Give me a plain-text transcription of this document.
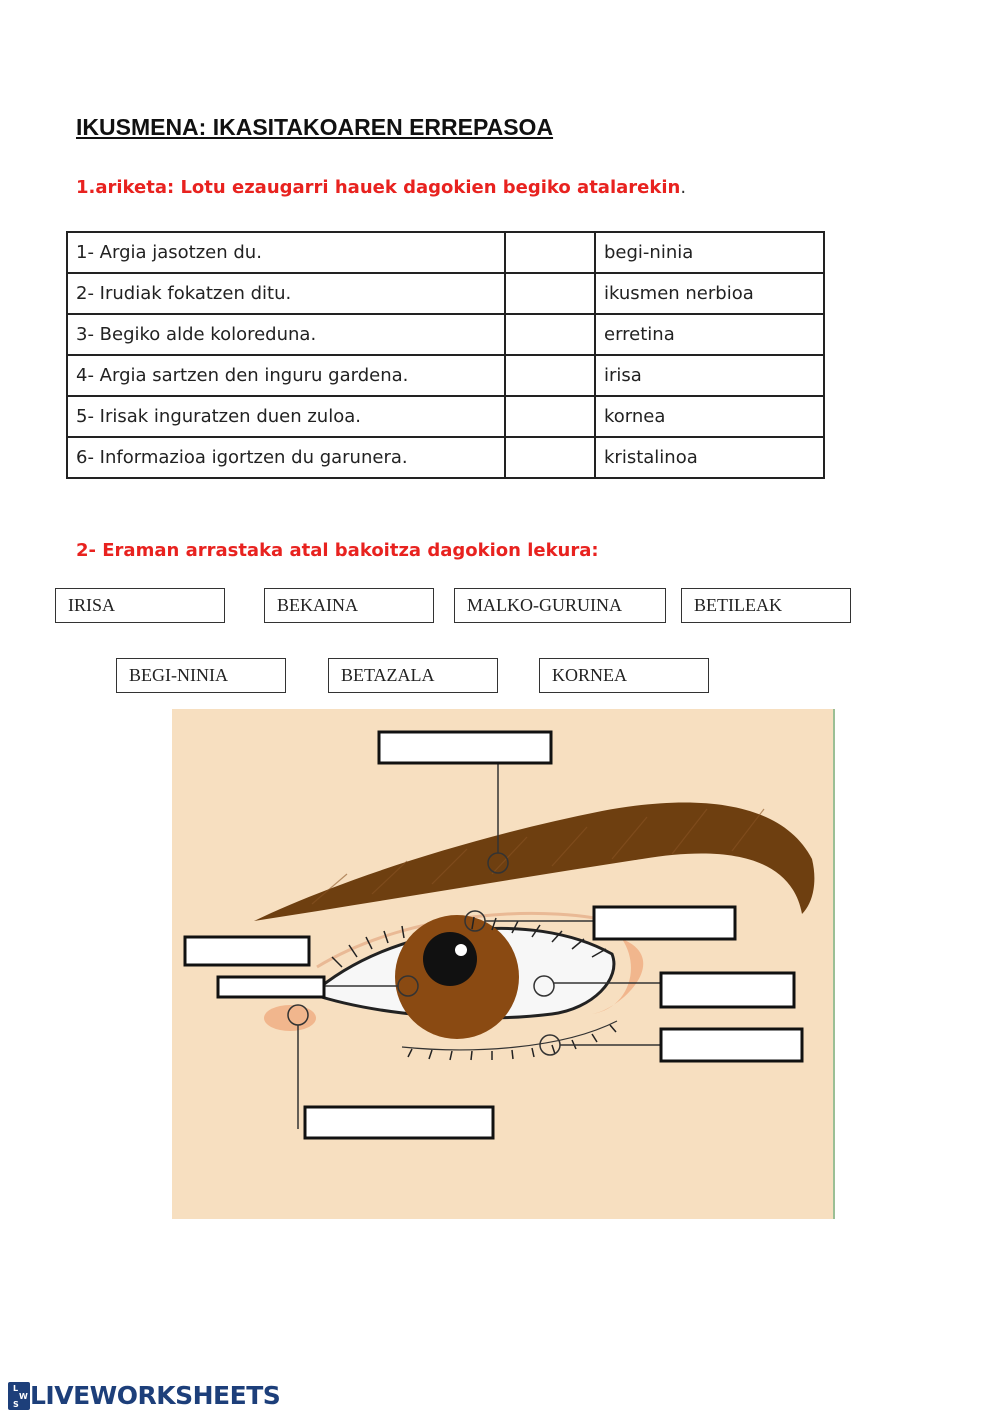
IKUSMENA: IKASITAKOAREN ERREPASOA

1.ariketa: Lotu ezaugarri hauek dagokien begiko atalarekin.

1- Argia jasotzen du.		begi-ninia
2- Irudiak fokatzen ditu.		ikusmen nerbioa
3- Begiko alde koloreduna.		erretina
4- Argia sartzen den inguru gardena.		irisa
5- Irisak inguratzen duen zuloa.		kornea
6- Informazioa igortzen du garunera.		kristalinoa

2- Eraman arrastaka atal bakoitza dagokion lekura:

IRISA	BEKAINA	MALKO-GURUINA	BETILEAK
BEGI-NINIA	BETAZALA	KORNEA
L
W
S LIVEWORKSHEETS
